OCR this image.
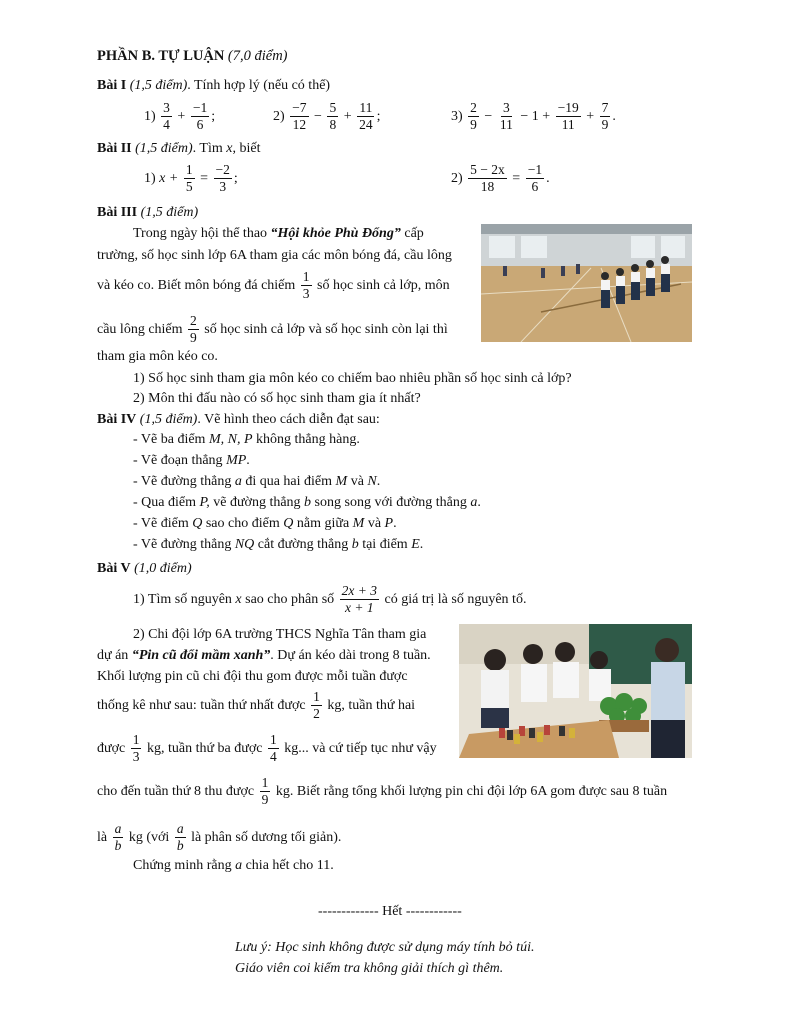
PHẦN B. TỰ LUẬN (7,0 điểm)
Bài I (1,5 điểm). Tính hợp lý (nếu có thể)
$1) \frac{3}{4} + \frac{-1}{6}$ ;	$2) \frac{-7}{12} - \frac{5}{8} + \frac{11}{24}$ ;	$3) \frac{2}{9} - \frac{3}{11} - 1 + \frac{-19}{11} + \frac{7}{9}$ .
Bài II (1,5 điểm). Tìm x, biết
1) $x + \frac{1}{5} = \frac{-2}{3}$ ;	$2) \frac{5 - 2x}{18} = \frac{-1}{6}$ .
Bài III (1,5 điểm)
Trong ngày hội thể thao “Hội khỏe Phù Đổng” cấp
trường, số học sinh lớp 6A tham gia các môn bóng đá, cầu lông
và kéo co. Biết môn bóng đá chiếm $\frac{1}{3}$ số học sinh cả lớp, môn
cầu lông chiếm $\frac{2}{9}$ số học sinh cả lớp và số học sinh còn lại thì
tham gia môn kéo co.
1) Số học sinh tham gia môn kéo co chiếm bao nhiêu phần số học sinh cả lớp?
2) Môn thi đấu nào có số học sinh tham gia ít nhất?
Bài IV (1,5 điểm). Vẽ hình theo cách diễn đạt sau:
- Vẽ ba điểm M, N, P không thẳng hàng.
- Vẽ đoạn thẳng MP.
- Vẽ đường thẳng a đi qua hai điểm M và N.
- Qua điểm P, vẽ đường thẳng b song song với đường thẳng a.
- Vẽ điểm Q sao cho điểm Q nằm giữa M và P.
- Vẽ đường thẳng NQ cắt đường thẳng b tại điểm E.
Bài V (1,0 điểm)
1) Tìm số nguyên x sao cho phân số $\frac{2x + 3}{x + 1}$ có giá trị là số nguyên tố.
2) Chi đội lớp 6A trường THCS Nghĩa Tân tham gia
dự án “Pin cũ đổi mầm xanh”. Dự án kéo dài trong 8 tuần.
Khối lượng pin cũ chi đội thu gom được mỗi tuần được
thống kê như sau: tuần thứ nhất được $\frac{1}{2}$ kg, tuần thứ hai
được $\frac{1}{3}$ kg, tuần thứ ba được $\frac{1}{4}$ kg... và cứ tiếp tục như vậy
cho đến tuần thứ 8 thu được $\frac{1}{9}$ kg. Biết rằng tổng khối lượng pin chi đội lớp 6A gom được sau 8 tuần
là $\frac{a}{b}$ kg (với $\frac{a}{b}$ là phân số dương tối giản).
Chứng minh rằng a chia hết cho 11.
------------- Hết ------------
Lưu ý: Học sinh không được sử dụng máy tính bỏ túi.
Giáo viên coi kiểm tra không giải thích gì thêm.
